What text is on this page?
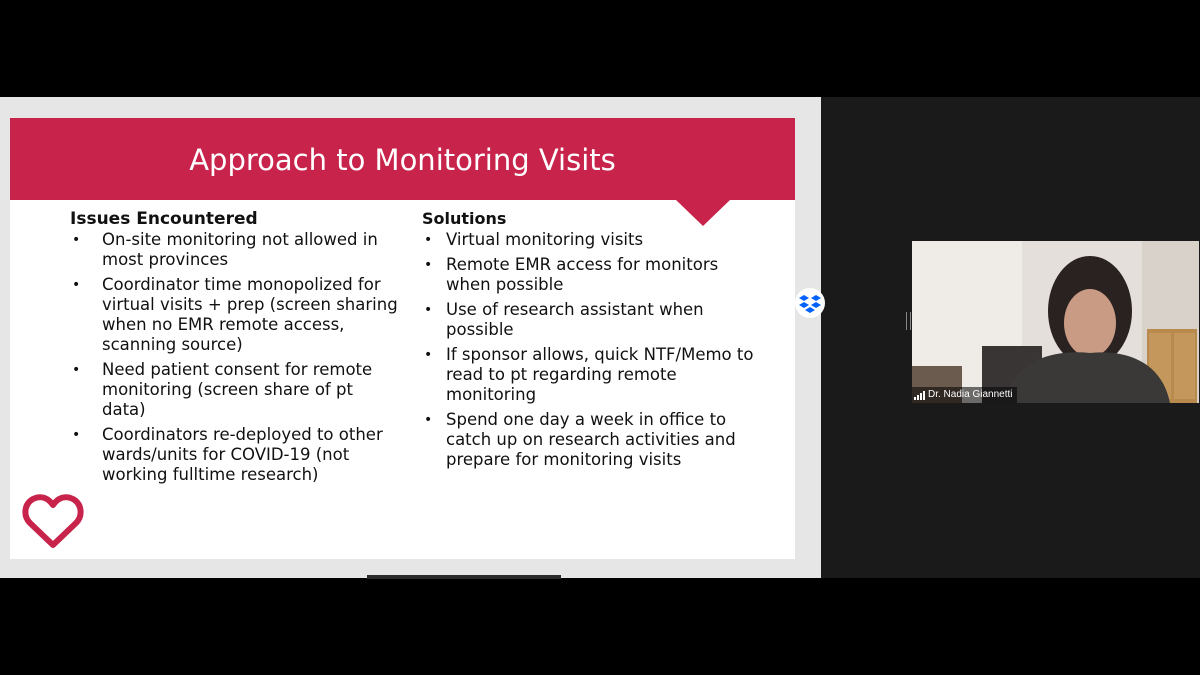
Approach to Monitoring Visits
Issues Encountered
• On-site monitoring not allowed in most provinces
• Coordinator time monopolized for virtual visits + prep (screen sharing when no EMR remote access, scanning source)
• Need patient consent for remote monitoring (screen share of pt data)
• Coordinators re-deployed to other wards/units for COVID-19 (not working fulltime research)
Solutions
• Virtual monitoring visits
• Remote EMR access for monitors when possible
• Use of research assistant when possible
• If sponsor allows, quick NTF/Memo to read to pt regarding remote monitoring
• Spend one day a week in office to catch up on research activities and prepare for monitoring visits
Dr. Nadia Giannetti
